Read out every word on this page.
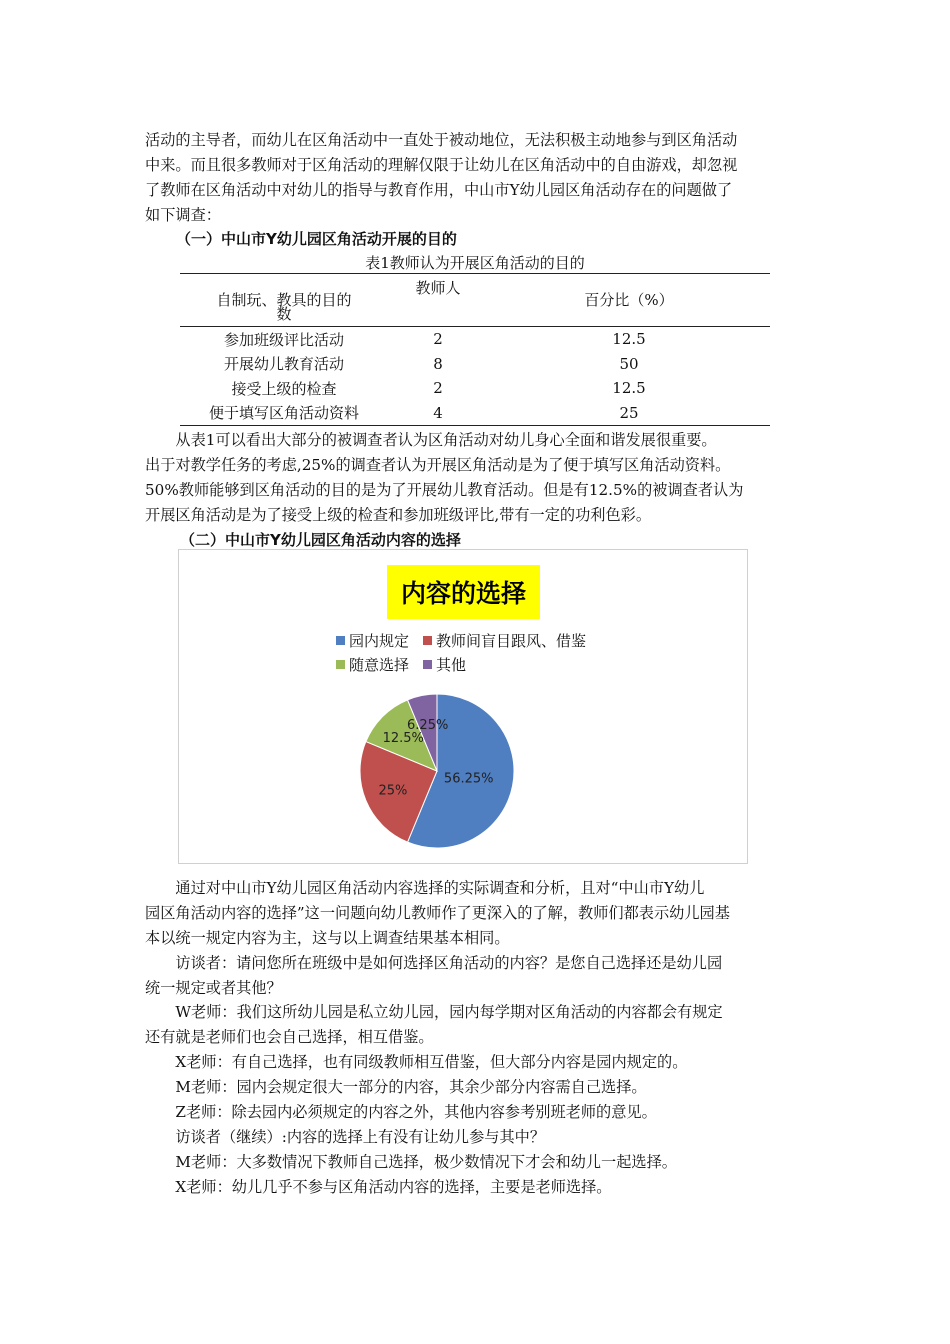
活动的主导者，而幼儿在区角活动中一直处于被动地位，无法积极主动地参与到区角活动
中来。而且很多教师对于区角活动的理解仅限于让幼儿在区角活动中的自由游戏，却忽视
了教师在区角活动中对幼儿的指导与教育作用，中山市Y幼儿园区角活动存在的问题做了
如下调查：

（一）中山市Y幼儿园区角活动开展的目的

表1教师认为开展区角活动的目的
自制玩、教具的目的	教师人	百分比（%）
参加班级评比活动	2	12.5
开展幼儿教育活动	8	50
接受上级的检查	2	12.5
便于填写区角活动资料	4	25
数

从表1可以看出大部分的被调查者认为区角活动对幼儿身心全面和谐发展很重要。
出于对教学任务的考虑,25%的调查者认为开展区角活动是为了便于填写区角活动资料。
50%教师能够到区角活动的目的是为了开展幼儿教育活动。但是有12.5%的被调查者认为
开展区角活动是为了接受上级的检查和参加班级评比,带有一定的功利色彩。

（二）中山市Y幼儿园区角活动内容的选择

内容的选择
园内规定 教师间盲目跟风、借鉴
随意选择 其他
56.25%
25%
12.5%
6.25%

通过对中山市Y幼儿园区角活动内容选择的实际调查和分析，且对“中山市Y幼儿
园区角活动内容的选择”这一问题向幼儿教师作了更深入的了解，教师们都表示幼儿园基
本以统一规定内容为主，这与以上调查结果基本相同。

访谈者：请问您所在班级中是如何选择区角活动的内容？是您自己选择还是幼儿园
统一规定或者其他？

W老师：我们这所幼儿园是私立幼儿园，园内每学期对区角活动的内容都会有规定
还有就是老师们也会自己选择，相互借鉴。

X老师：有自己选择，也有同级教师相互借鉴，但大部分内容是园内规定的。

M老师：园内会规定很大一部分的内容，其余少部分内容需自己选择。

Z老师：除去园内必须规定的内容之外，其他内容参考别班老师的意见。

访谈者（继续）:内容的选择上有没有让幼儿参与其中？

M老师：大多数情况下教师自己选择，极少数情况下才会和幼儿一起选择。

X老师：幼儿几乎不参与区角活动内容的选择，主要是老师选择。
